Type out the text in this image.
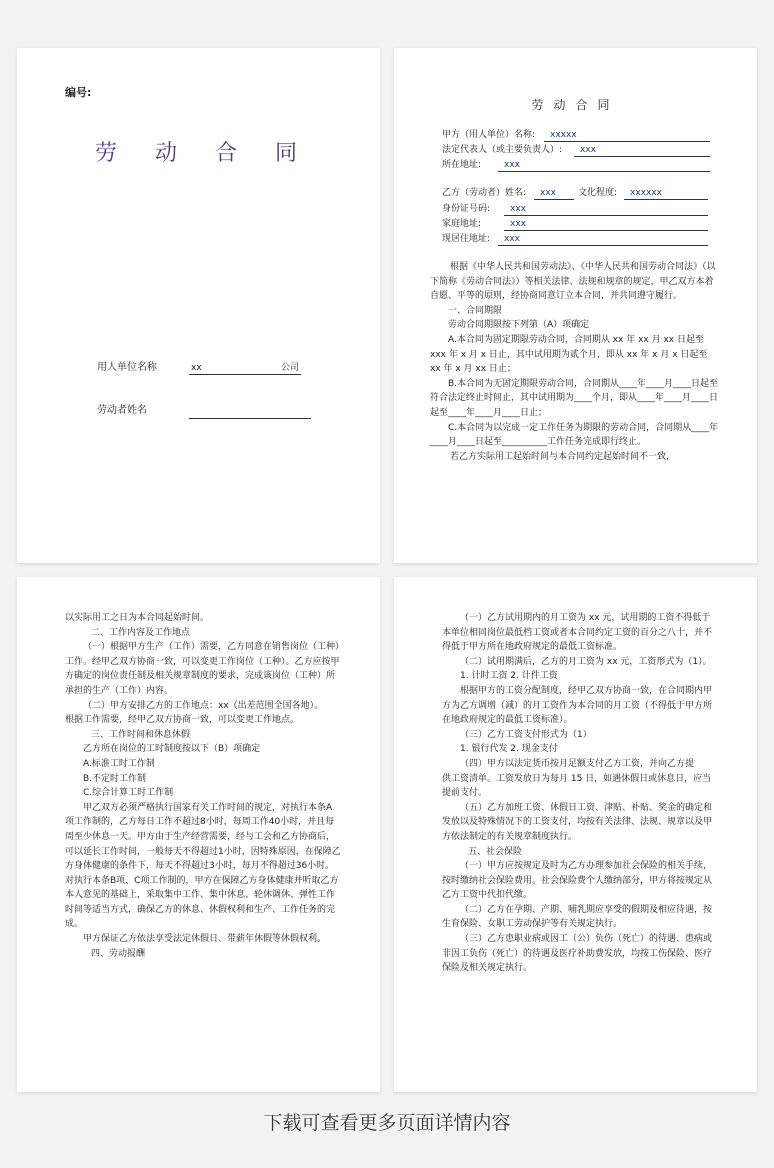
编号:
劳动合同
用人单位名称	xx	公司
劳动者姓名
劳动合同
甲方（用人单位）名称: xxxxx
法定代表人（或主要负责人）: xxx
所在地址:	xxx
乙方（劳动者）姓名: xxx 文化程度: xxxxxx
身份证号码: xxx
家庭地址:	xxx
现居住地址: xxx

根据《中华人民共和国劳动法》、《中华人民共和国劳动合同法》（以下简称《劳动合同法》）等相关法律、法规和规章的规定，甲乙双方本着自愿、平等的原则，经协商同意订立本合同，并共同遵守履行。

一、合同期限

劳动合同期限按下列第（A）项确定

A.本合同为固定期限劳动合同，合同期从 xx 年 xx 月 xx 日起至 xxx 年 x 月 x 日止，其中试用期为贰个月，即从 xx 年 x 月 x 日起至 xx 年 x 月 xx 日止；

B.本合同为无固定期限劳动合同，合同期从____年____月____日起至符合法定终止时间止，其中试用期为____个月，即从____年____月____日起至____年____月____日止；

C.本合同为以完成一定工作任务为期限的劳动合同，合同期从____年____月____日起至__________工作任务完成即行终止。

若乙方实际用工起始时间与本合同约定起始时间不一致，

以实际用工之日为本合同起始时间。

二、工作内容及工作地点

（一）根据甲方生产（工作）需要，乙方同意在销售岗位（工种）工作。经甲乙双方协商一致，可以变更工作岗位（工种）。乙方应按甲方确定的岗位责任制及相关规章制度的要求，完成该岗位（工种）所承担的生产（工作）内容。

（二）甲方安排乙方的工作地点：xx（出差范围全国各地）。

根据工作需要，经甲乙双方协商一致，可以变更工作地点。

三、工作时间和休息休假

乙方所在岗位的工时制度按以下（B）项确定

A.标准工时工作制

B.不定时工作制

C.综合计算工时工作制

甲乙双方必须严格执行国家有关工作时间的规定，对执行本条A项工作制的，乙方每日工作不超过8小时，每周工作40小时，并且每周至少休息一天。甲方由于生产经营需要，经与工会和乙方协商后，可以延长工作时间，一般每天不得超过1小时，因特殊原因，在保障乙方身体健康的条件下，每天不得超过3小时，每月不得超过36小时。对执行本条B项、C项工作制的，甲方在保障乙方身体健康并听取乙方本人意见的基础上，采取集中工作、集中休息、轮休调休、弹性工作时间等适当方式，确保乙方的休息、休假权利和生产、工作任务的完成。

甲方保证乙方依法享受法定休假日、带薪年休假等休假权利。

四、劳动报酬

（一）乙方试用期内的月工资为 xx 元，试用期的工资不得低于本单位相同岗位最低档工资或者本合同约定工资的百分之八十，并不得低于甲方所在地政府规定的最低工资标准。

（二）试用期满后，乙方的月工资为 xx 元，工资形式为（1）。

1. 计时工资 2. 计件工资

根据甲方的工资分配制度，经甲乙双方协商一致，在合同期内甲方为乙方调增（减）的月工资作为本合同的月工资（不得低于甲方所在地政府规定的最低工资标准）。

（三）乙方工资支付形式为（1）

1. 银行代发 2. 现金支付

（四）甲方以法定货币按月足额支付乙方工资，并向乙方提

供工资清单。工资发放日为每月 15 日，如遇休假日或休息日，应当提前支付。

（五）乙方加班工资、休假日工资、津贴、补贴、奖金的确定和发放以及特殊情况下的工资支付，均按有关法律、法规、规章以及甲方依法制定的有关规章制度执行。

五、社会保险

（一）甲方应按规定及时为乙方办理参加社会保险的相关手续，按时缴纳社会保险费用。社会保险费个人缴纳部分，甲方将按规定从乙方工资中代扣代缴。

（二）乙方在孕期、产期、哺乳期应享受的假期及相应待遇，按生育保险、女职工劳动保护等有关规定执行。

（三）乙方患职业病或因工（公）负伤（死亡）的待遇、患病或非因工负伤（死亡）的待遇及医疗补助费发放，均按工伤保险、医疗保险及相关规定执行。

下载可查看更多页面详情内容
